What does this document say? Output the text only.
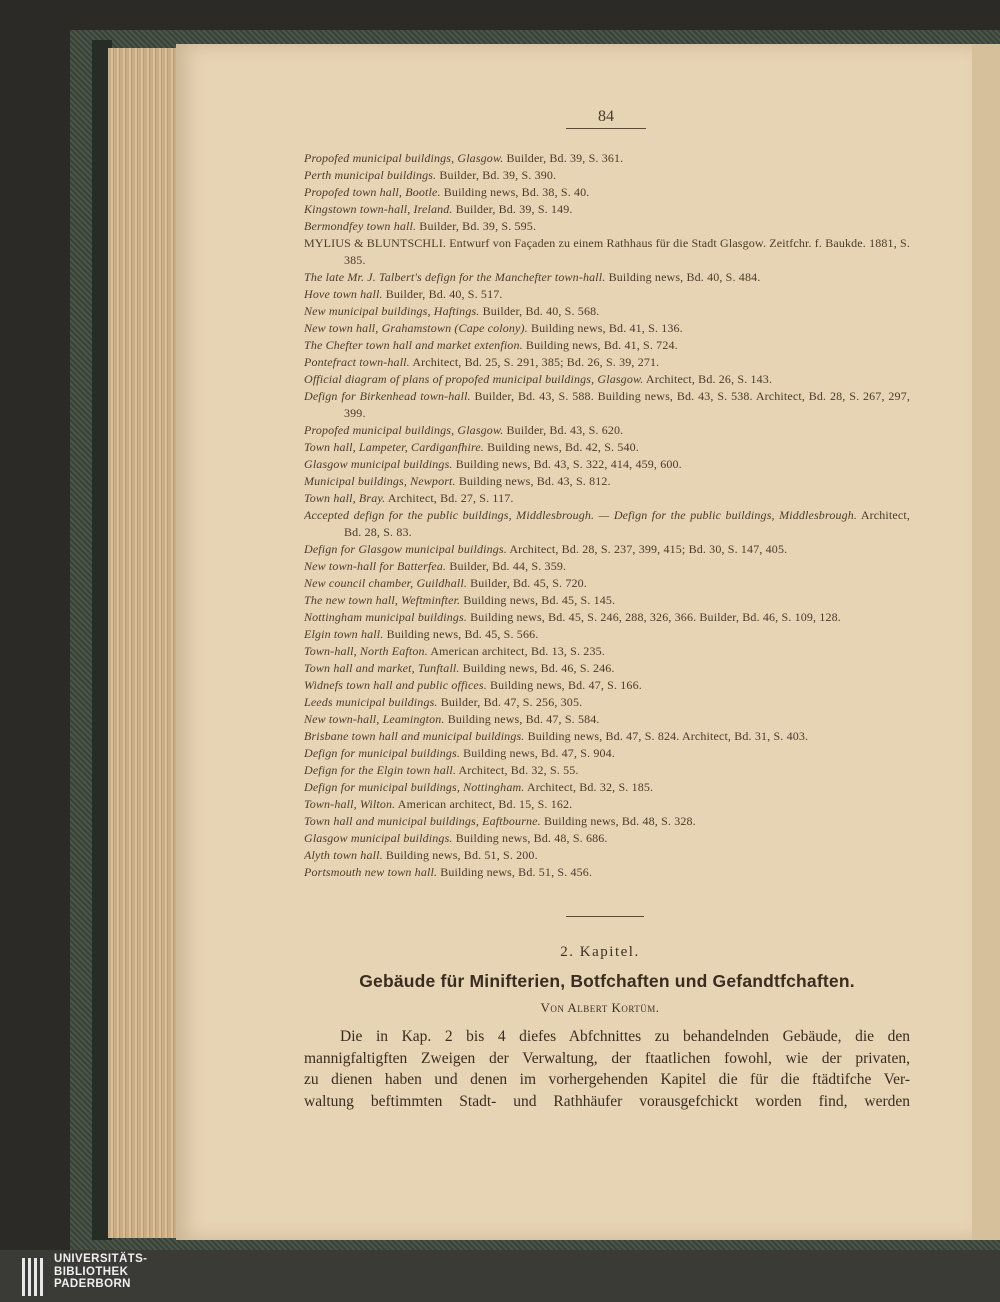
84
Propofed municipal buildings, Glasgow. Builder, Bd. 39, S. 361.
Perth municipal buildings. Builder, Bd. 39, S. 390.
Propofed town hall, Bootle. Building news, Bd. 38, S. 40.
Kingstown town-hall, Ireland. Builder, Bd. 39, S. 149.
Bermondfey town hall. Builder, Bd. 39, S. 595.
MYLIUS & BLUNTSCHLI. Entwurf von Façaden zu einem Rathhaus für die Stadt Glasgow. Zeitfchr. f. Baukde. 1881, S. 385.
The late Mr. J. Talbert's defign for the Manchefter town-hall. Building news, Bd. 40, S. 484.
Hove town hall. Builder, Bd. 40, S. 517.
New municipal buildings, Haftings. Builder, Bd. 40, S. 568.
New town hall, Grahamstown (Cape colony). Building news, Bd. 41, S. 136.
The Chefter town hall and market extenfion. Building news, Bd. 41, S. 724.
Pontefract town-hall. Architect, Bd. 25, S. 291, 385; Bd. 26, S. 39, 271.
Official diagram of plans of propofed municipal buildings, Glasgow. Architect, Bd. 26, S. 143.
Defign for Birkenhead town-hall. Builder, Bd. 43, S. 588. Building news, Bd. 43, S. 538. Architect, Bd. 28, S. 267, 297, 399.
Propofed municipal buildings, Glasgow. Builder, Bd. 43, S. 620.
Town hall, Lampeter, Cardiganfhire. Building news, Bd. 42, S. 540.
Glasgow municipal buildings. Building news, Bd. 43, S. 322, 414, 459, 600.
Municipal buildings, Newport. Building news, Bd. 43, S. 812.
Town hall, Bray. Architect, Bd. 27, S. 117.
Accepted defign for the public buildings, Middlesbrough. — Defign for the public buildings, Middlesbrough. Architect, Bd. 28, S. 83.
Defign for Glasgow municipal buildings. Architect, Bd. 28, S. 237, 399, 415; Bd. 30, S. 147, 405.
New town-hall for Batterfea. Builder, Bd. 44, S. 359.
New council chamber, Guildhall. Builder, Bd. 45, S. 720.
The new town hall, Weftminfter. Building news, Bd. 45, S. 145.
Nottingham municipal buildings. Building news, Bd. 45, S. 246, 288, 326, 366. Builder, Bd. 46, S. 109, 128.
Elgin town hall. Building news, Bd. 45, S. 566.
Town-hall, North Eafton. American architect, Bd. 13, S. 235.
Town hall and market, Tunftall. Building news, Bd. 46, S. 246.
Widnefs town hall and public offices. Building news, Bd. 47, S. 166.
Leeds municipal buildings. Builder, Bd. 47, S. 256, 305.
New town-hall, Leamington. Building news, Bd. 47, S. 584.
Brisbane town hall and municipal buildings. Building news, Bd. 47, S. 824. Architect, Bd. 31, S. 403.
Defign for municipal buildings. Building news, Bd. 47, S. 904.
Defign for the Elgin town hall. Architect, Bd. 32, S. 55.
Defign for municipal buildings, Nottingham. Architect, Bd. 32, S. 185.
Town-hall, Wilton. American architect, Bd. 15, S. 162.
Town hall and municipal buildings, Eaftbourne. Building news, Bd. 48, S. 328.
Glasgow municipal buildings. Building news, Bd. 48, S. 686.
Alyth town hall. Building news, Bd. 51, S. 200.
Portsmouth new town hall. Building news, Bd. 51, S. 456.
2. Kapitel.
Gebäude für Minifterien, Botfchaften und Gefandtfchaften.
Von Albert Kortüm.
Die in Kap. 2 bis 4 diefes Abfchnittes zu behandelnden Gebäude, die den
mannigfaltigften Zweigen der Verwaltung, der ftaatlichen fowohl, wie der privaten,
zu dienen haben und denen im vorhergehenden Kapitel die für die ftädtifche Ver-
waltung beftimmten Stadt- und Rathhäufer vorausgefchickt worden find, werden
UNIVERSITÄTS-
BIBLIOTHEK
PADERBORN
